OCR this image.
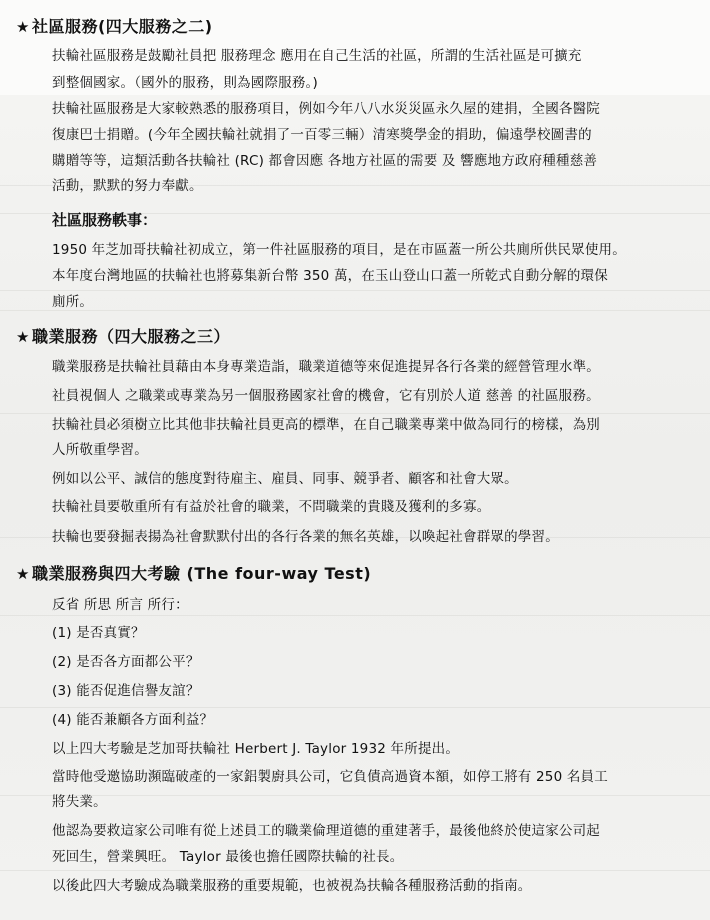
★ 社區服務(四大服務之二)
扶輪社區服務是鼓勵社員把 服務理念 應用在自己生活的社區，所謂的生活社區是可擴充
到整個國家。（國外的服務，則為國際服務。)
扶輪社區服務是大家較熟悉的服務項目，例如今年八八水災災區永久屋的建捐，全國各醫院
復康巴士捐贈。(今年全國扶輪社就捐了一百零三輛）清寒獎學金的捐助，偏遠學校圖書的
購贈等等，這類活動各扶輪社 (RC) 都會因應 各地方社區的需要 及 響應地方政府種種慈善
活動，默默的努力奉獻。
社區服務軼事：
1950 年芝加哥扶輪社初成立，第一件社區服務的項目，是在市區蓋一所公共廁所供民眾使用。
本年度台灣地區的扶輪社也將募集新台幣 350 萬，在玉山登山口蓋一所乾式自動分解的環保
廁所。
★ 職業服務（四大服務之三）
職業服務是扶輪社員藉由本身專業造詣，職業道德等來促進提昇各行各業的經營管理水準。
社員視個人 之職業或專業為另一個服務國家社會的機會，它有別於人道 慈善 的社區服務。
扶輪社員必須樹立比其他非扶輪社員更高的標準，在自己職業專業中做為同行的榜樣，為別
人所敬重學習。
例如以公平、誠信的態度對待雇主、雇員、同事、競爭者、顧客和社會大眾。
扶輪社員要敬重所有有益於社會的職業，不問職業的貴賤及獲利的多寡。
扶輪也要發掘表揚為社會默默付出的各行各業的無名英雄，以喚起社會群眾的學習。
★ 職業服務與四大考驗 (The four-way Test)
反省 所思 所言 所行：
(1) 是否真實？
(2) 是否各方面都公平？
(3) 能否促進信譽友誼？
(4) 能否兼顧各方面利益？
以上四大考驗是芝加哥扶輪社 Herbert J. Taylor 1932 年所提出。
當時他受邀協助瀕臨破產的一家鋁製廚具公司，它負債高過資本額，如停工將有 250 名員工
將失業。
他認為要救這家公司唯有從上述員工的職業倫理道德的重建著手，最後他終於使這家公司起
死回生，營業興旺。 Taylor 最後也擔任國際扶輪的社長。
以後此四大考驗成為職業服務的重要規範，也被視為扶輪各種服務活動的指南。
